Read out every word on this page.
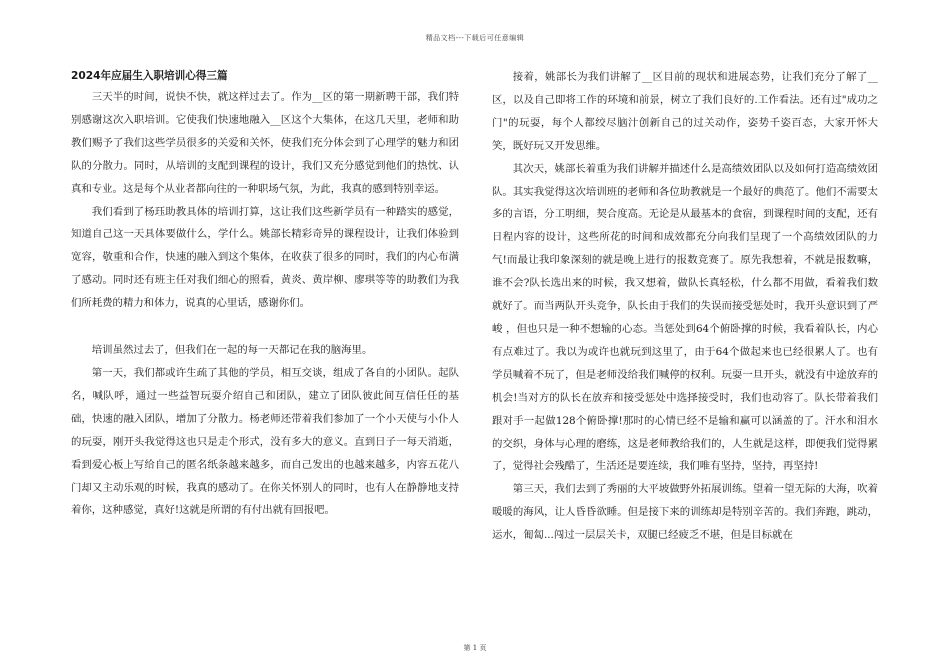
精品文档---下载后可任意编辑
2024年应届生入职培训心得三篇

三天半的时间，说快不快，就这样过去了。作为__区的第一期新聘干部，我们特别感谢这次入职培训。它使我们快速地融入__区这个大集体，在这几天里，老师和助教们赐予了我们这些学员很多的关爱和关怀，使我们充分体会到了心理学的魅力和团队的分散力。同时，从培训的支配到课程的设计，我们又充分感觉到他们的热忱、认真和专业。这是每个从业者都向往的一种职场气氛，为此，我真的感到特别幸运。

我们看到了杨珏助教具体的培训打算，这让我们这些新学员有一种踏实的感觉，知道自己这一天具体要做什么，学什么。姚部长精彩奇异的课程设计，让我们体验到宽容，敬重和合作，快速的融入到这个集体，在收获了很多的同时，我们的内心布满了感动。同时还有班主任对我们细心的照看，黄炎、黄岸柳、廖琪等等的助教们为我们所耗费的精力和体力，说真的心里话，感谢你们。

培训虽然过去了，但我们在一起的每一天都记在我的脑海里。

第一天，我们都或许生疏了其他的学员，相互交谈，组成了各自的小团队。起队名，喊队呼，通过一些益智玩耍介绍自己和团队，建立了团队彼此间互信任任的基础，快速的融入团队，增加了分散力。杨老师还带着我们参加了一个小天使与小仆人的玩耍，刚开头我觉得这也只是走个形式，没有多大的意义。直到日子一每天消逝，看到爱心板上写给自己的匿名纸条越来越多，而自己发出的也越来越多，内容五花八门却又主动乐观的时候，我真的感动了。在你关怀别人的同时，也有人在静静地支持着你，这种感觉，真好!这就是所谓的有付出就有回报吧。

接着，姚部长为我们讲解了__区目前的现状和进展态势，让我们充分了解了__区，以及自己即将工作的环境和前景，树立了我们良好的.工作看法。还有过"成功之门"的玩耍，每个人都绞尽脑汁创新自己的过关动作，姿势千姿百态，大家开怀大笑，既好玩又开发思维。

其次天，姚部长着重为我们讲解并描述什么是高绩效团队以及如何打造高绩效团队。其实我觉得这次培训班的老师和各位助教就是一个最好的典范了。他们不需要太多的言语，分工明细，契合度高。无论是从最基本的食宿，到课程时间的支配，还有日程内容的设计，这些所花的时间和成效都充分向我们呈现了一个高绩效团队的力气!而最让我印象深刻的就是晚上进行的报数竞赛了。原先我想着，不就是报数嘛，谁不会?队长选出来的时候，我又想着，做队长真轻松，什么都不用做，看着我们数就好了。而当两队开头竞争，队长由于我们的失误而接受惩处时，我开头意识到了严峻 ，但也只是一种不想输的心态。当惩处到64个俯卧撑的时候，我看着队长，内心有点难过了。我以为或许也就玩到这里了，由于64个做起来也已经很累人了。也有学员喊着不玩了，但是老师没给我们喊停的权利。玩耍一旦开头，就没有中途放弃的机会!当对方的队长在放弃和接受惩处中选择接受时，我们也动容了。队长带着我们跟对手一起做128个俯卧撑!那时的心情已经不是输和赢可以涵盖的了。汗水和泪水的交织，身体与心理的磨练，这是老师教给我们的，人生就是这样，即便我们觉得累了，觉得社会残酷了，生活还是要连续，我们唯有坚持，坚持，再坚持!

第三天，我们去到了秀丽的大平坡做野外拓展训练。望着一望无际的大海，吹着暖暖的海风，让人昏昏欲睡。但是接下来的训练却是特别辛苦的。我们奔跑，跳动，运水，匍匐...闯过一层层关卡，双腿已经疲乏不堪，但是目标就在

第 1 页
